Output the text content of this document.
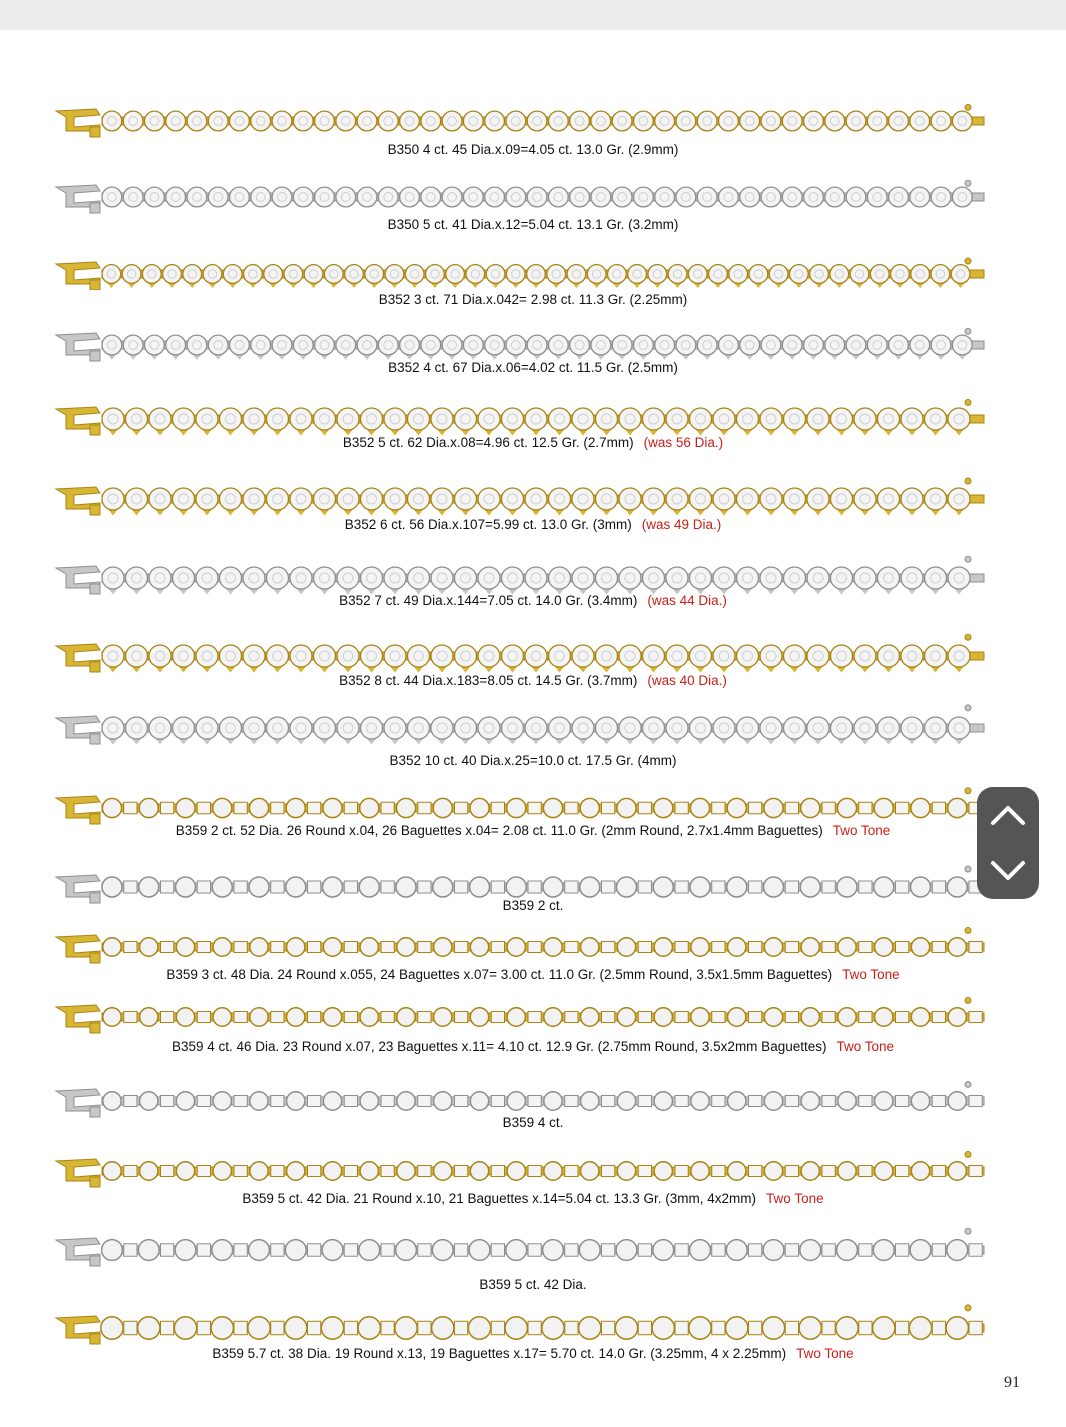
B350 4 ct. 45 Dia.x.09=4.05 ct. 13.0 Gr. (2.9mm)
B350 5 ct. 41 Dia.x.12=5.04 ct. 13.1 Gr. (3.2mm)
B352 3 ct. 71 Dia.x.042= 2.98 ct. 11.3 Gr. (2.25mm)
B352 4 ct. 67 Dia.x.06=4.02 ct. 11.5 Gr. (2.5mm)
B352 5 ct. 62 Dia.x.08=4.96 ct. 12.5 Gr. (2.7mm) (was 56 Dia.)
B352 6 ct. 56 Dia.x.107=5.99 ct. 13.0 Gr. (3mm) (was 49 Dia.)
B352 7 ct. 49 Dia.x.144=7.05 ct. 14.0 Gr. (3.4mm) (was 44 Dia.)
B352 8 ct. 44 Dia.x.183=8.05 ct. 14.5 Gr. (3.7mm) (was 40 Dia.)
B352 10 ct. 40 Dia.x.25=10.0 ct. 17.5 Gr. (4mm)
B359 2 ct. 52 Dia. 26 Round x.04, 26 Baguettes x.04= 2.08 ct. 11.0 Gr. (2mm Round, 2.7x1.4mm Baguettes) Two Tone
B359 2 ct.
B359 3 ct. 48 Dia. 24 Round x.055, 24 Baguettes x.07= 3.00 ct. 11.0 Gr. (2.5mm Round, 3.5x1.5mm Baguettes) Two Tone
B359 4 ct. 46 Dia. 23 Round x.07, 23 Baguettes x.11= 4.10 ct. 12.9 Gr. (2.75mm Round, 3.5x2mm Baguettes) Two Tone
B359 4 ct.
B359 5 ct. 42 Dia. 21 Round x.10, 21 Baguettes x.14=5.04 ct. 13.3 Gr. (3mm, 4x2mm) Two Tone
B359 5 ct. 42 Dia.
B359 5.7 ct. 38 Dia. 19 Round x.13, 19 Baguettes x.17= 5.70 ct. 14.0 Gr. (3.25mm, 4 x 2.25mm) Two Tone
91
